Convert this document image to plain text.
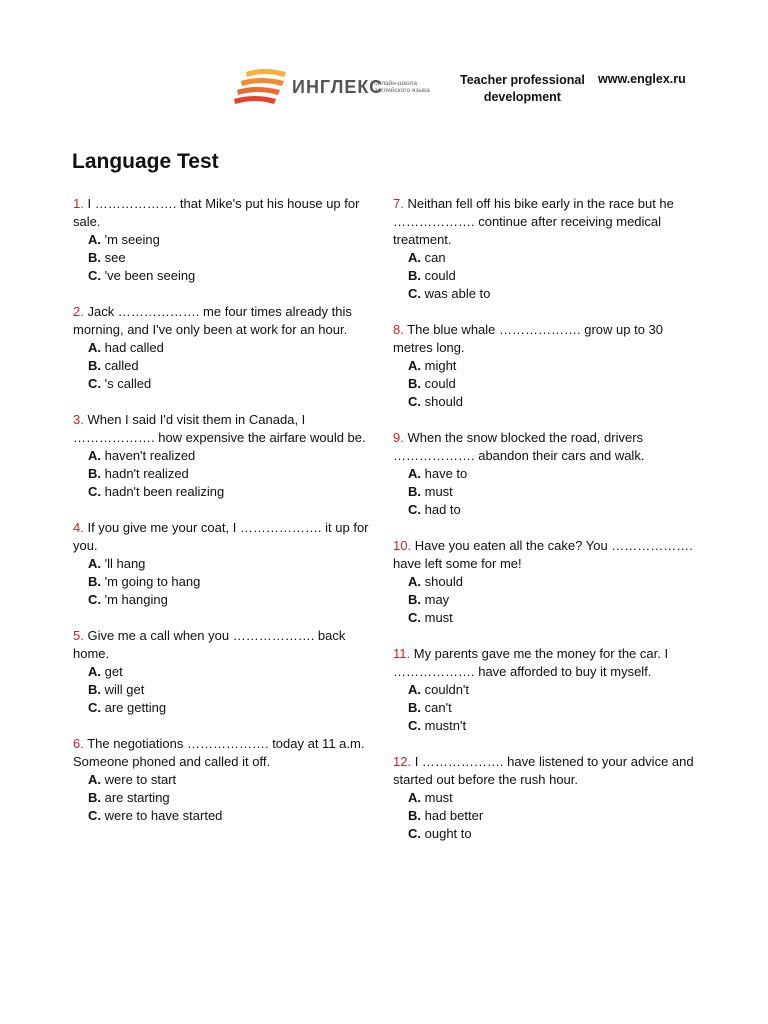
ИНГЛЕКС
онлайн-школа английского языка
Teacher professional
development
www.englex.ru
Language Test

1. I ………………. that Mike's put his house up for sale.

A. 'm seeing
B. see
C. 've been seeing

2. Jack ………………. me four times already this morning, and I've only been at work for an hour.

A. had called
B. called
C. 's called

3. When I said I'd visit them in Canada, I ………………. how expensive the airfare would be.

A. haven't realized
B. hadn't realized
C. hadn't been realizing

4. If you give me your coat, I ………………. it up for you.

A. 'll hang
B. 'm going to hang
C. 'm hanging

5. Give me a call when you ………………. back home.

A. get
B. will get
C. are getting

6. The negotiations ………………. today at 11 a.m. Someone phoned and called it off.

A. were to start
B. are starting
C. were to have started

7. Neithan fell off his bike early in the race but he ………………. continue after receiving medical treatment.

A. can
B. could
C. was able to

8. The blue whale ………………. grow up to 30 metres long.

A. might
B. could
C. should

9. When the snow blocked the road, drivers ………………. abandon their cars and walk.

A. have to
B. must
C. had to

10. Have you eaten all the cake? You ………………. have left some for me!

A. should
B. may
C. must

11. My parents gave me the money for the car. I ………………. have afforded to buy it myself.

A. couldn't
B. can't
C. mustn't

12. I ………………. have listened to your advice and started out before the rush hour.

A. must
B. had better
C. ought to
